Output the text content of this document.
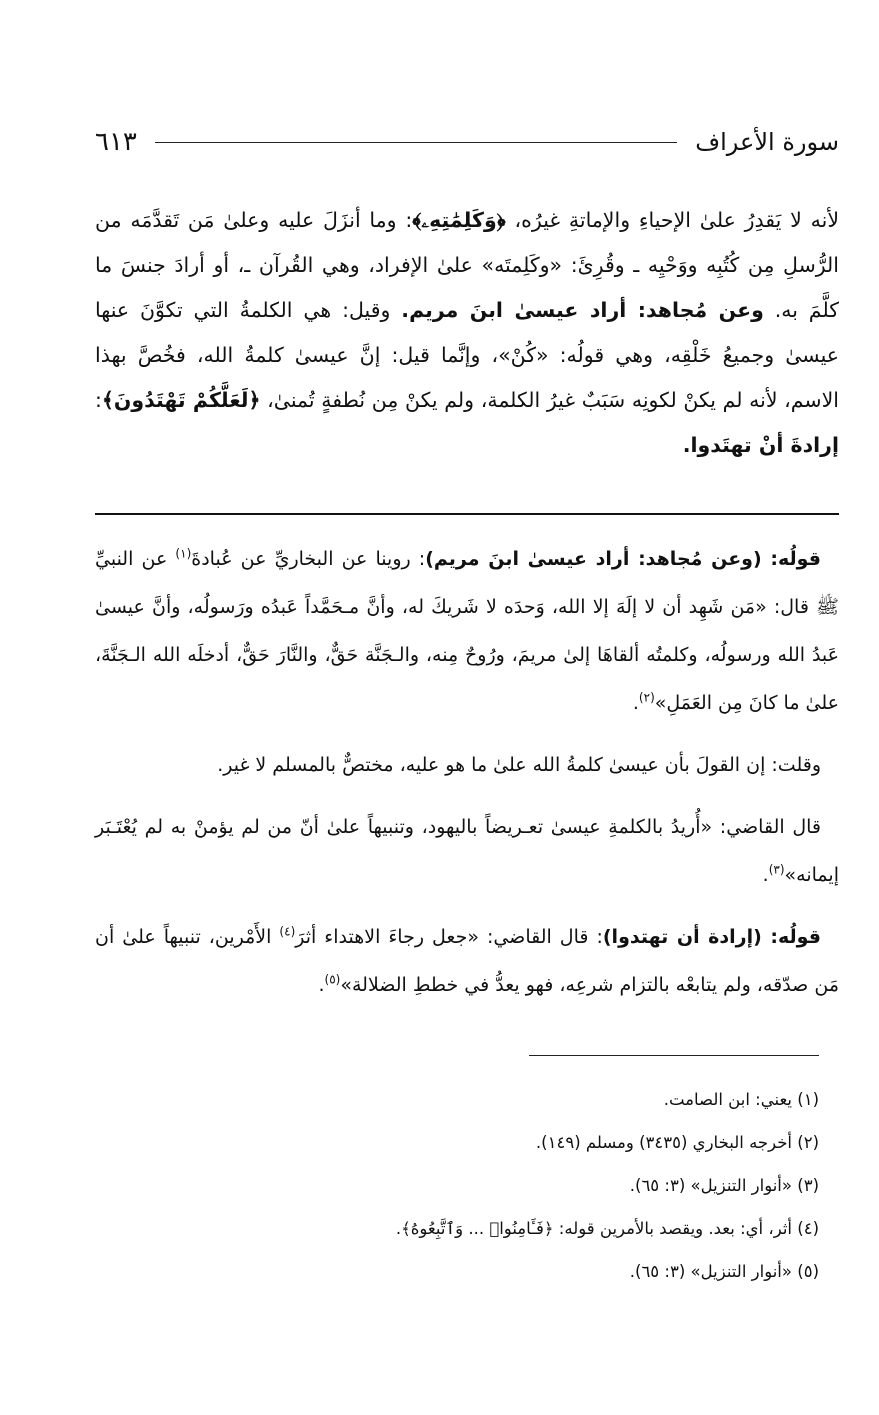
سورة الأعراف
٦١٣

لأنه لا يَقدِرُ علىٰ الإحياءِ والإماتةِ غيرُه، ﴿وَكَلِمَٰتِهِۦ﴾: وما أنزَلَ عليه وعلىٰ مَن تَقدَّمَه من الرُّسلِ مِن كُتُبِه ووَحْيِه ـ وقُرِئَ: «وكَلِمتَه» علىٰ الإفراد، وهي القُرآن ـ، أو أرادَ جنسَ ما كلَّمَ به. وعن مُجاهد: أراد عيسىٰ ابنَ مريم. وقيل: هي الكلمةُ التي تكوَّنَ عنها عيسىٰ وجميعُ خَلْقِه، وهي قولُه: «كُنْ»، وإنَّما قيل: إنَّ عيسىٰ كلمةُ الله، فخُصَّ بهذا الاسم، لأنه لم يكنْ لكونِه سَبَبٌ غيرُ الكلمة، ولم يكنْ مِن نُطفةٍ تُمنىٰ، ﴿لَعَلَّكُمْ تَهْتَدُونَ﴾: إرادةَ أنْ تهتَدوا.

قولُه: (وعن مُجاهد: أراد عيسىٰ ابنَ مريم): روينا عن البخاريِّ عن عُبادةَ$^{(١)}$ عن النبيِّ ﷺ قال: «مَن شَهِد أن لا إلَهَ إلا الله، وَحدَه لا شَريكَ له، وأنَّ مـحَمَّداً عَبدُه ورَسولُه، وأنَّ عيسىٰ عَبدُ الله ورسولُه، وكلمتُه ألقاهَا إلىٰ مريمَ، ورُوحٌ مِنه، والـجَنَّة حَقٌّ، والنَّارَ حَقٌّ، أدخلَه الله الـجَنَّةَ، علىٰ ما كانَ مِن العَمَلِ»$^{(٢)}$.

وقلت: إن القولَ بأن عيسىٰ كلمةُ الله علىٰ ما هو عليه، مختصٌّ بالمسلم لا غير.

قال القاضي: «أُريدُ بالكلمةِ عيسىٰ تعـريضاً باليهود، وتنبيهاً علىٰ أنّ من لم يؤمنْ به لم يُعْتَـبَر إيمانه»$^{(٣)}$.

قولُه: (إرادة أن تهتدوا): قال القاضي: «جعل رجاءَ الاهتداء أثرَ$^{(٤)}$ الأَمْرين، تنبيهاً علىٰ أن مَن صدّقه، ولم يتابعْه بالتزام شرعِه، فهو يعدُّ في خططِ الضلالة»$^{(٥)}$.

(١) يعني: ابن الصامت.
(٢) أخرجه البخاري (٣٤٣٥) ومسلم (١٤٩).
(٣) «أنوار التنزيل» (٣: ٦٥).
(٤) أثر، أي: بعد. ويقصد بالأمرين قوله: ﴿فَـَٔامِنُوا۟ ... وَٱتَّبِعُوهُ﴾.
(٥) «أنوار التنزيل» (٣: ٦٥).
